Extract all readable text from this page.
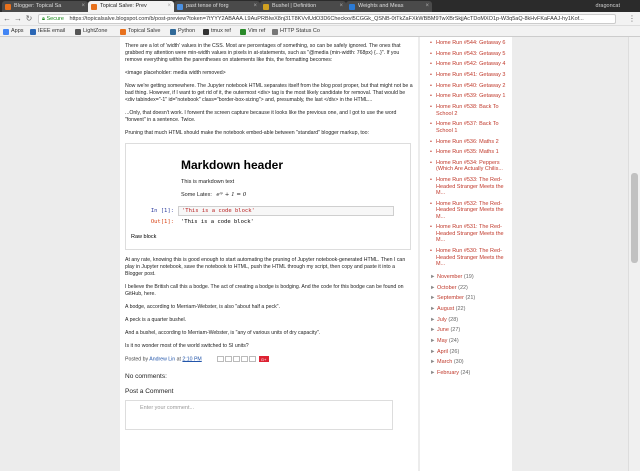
Blogger: Topical Sa	×	Topical Salve: Prev	×	past tense of forg	×	Bushel | Definition	×	Weights and Meas	×	dragoncat
← → ↻	🔒︎ Secure https://topicalsalve.blogspot.com/b/post-preview?token=7tYYY2ABAAA.L9AuPRBIwX8nj31T8KVvlUdO3D6Checkxvl5CGGk_QSNB-0tTkZaFXkWBBM9TwXBrSkjjAcTDoMXO1p-W3q5aQ-8kHvFKaFAAJ-hy1Kof...	⋮
Apps	IEEE email	LightZone	Topical Salve	Python	tmux ref	Vim ref	HTTP Status Co

There are a lot of 'width' values in the CSS. Most are percentages of something, so can be safely ignored. The ones that grabbed my attention were min-width values in pixels in at-statements, such as "@media (min-width: 768px) {...}". If you remove everything within the parentheses on statements like this, the formatting becomes:

<image placeholder: media width removed>

Now we're getting somewhere. The Jupyter notebook HTML separates itself from the blog post proper, but that might not be a bad thing. However, if I want to get rid of it, the outermost <div> tag is the most likely candidate for removal. That would be <div tabindex="-1" id="notebook" class="border-box-sizing"> and, presumably, the last </div> in the HTML...

...Only, that doesn't work. I forwent the screen capture because it looks like the previous one, and I got to use the word "forwent" in a sentence. Twice.

Pruning that much HTML should make the notebook embed-able between "standard" blogger markup, too:

Markdown header
This is markdown text
Some Latex: eⁱᵖ + 1 = 0
In [1]:	'This is a code block'
Out[1]: 'This is a code block'
Raw block

At any rate, knowing this is good enough to start automating the pruning of Jupyter notebook-generated HTML. Then I can play in Jupyter notebook, save the notebook to HTML, push the HTML through my script, then copy and paste it into a Blogger post.

I believe the British call this a bodge. The act of creating a bodge is bodging. And the code for this bodge can be found on GitHub, here.

A bodge, according to Merriam-Webster, is also "about half a peck".

A peck is a quarter bushel.

And a bushel, according to Merriam-Webster, is "any of various units of dry capacity".

Is it no wonder most of the world switched to SI units?

Posted by Andrew Lin at 2:10 PM	G+
No comments:
Post a Comment
Enter your comment...
• Home Run #544: Getaway 6
• Home Run #543: Getaway 5
• Home Run #542: Getaway 4
• Home Run #541: Getaway 3
• Home Run #540: Getaway 2
• Home Run #539: Getaway 1
• Home Run #538: Back To School 2
• Home Run #537: Back To School 1
• Home Run #536: Maths 2
• Home Run #535: Maths 1
• Home Run #534: Peppers (Which Are Actually Chilis...
• Home Run #533: The Red-Headed Stranger Meets the M...
• Home Run #532: The Red-Headed Stranger Meets the M...
• Home Run #531: The Red-Headed Stranger Meets the M...
• Home Run #530: The Red-Headed Stranger Meets the M...
► November (19)
► October (22)
► September (21)
► August (22)
► July (28)
► June (27)
► May (24)
► April (26)
► March (30)
► February (24)
